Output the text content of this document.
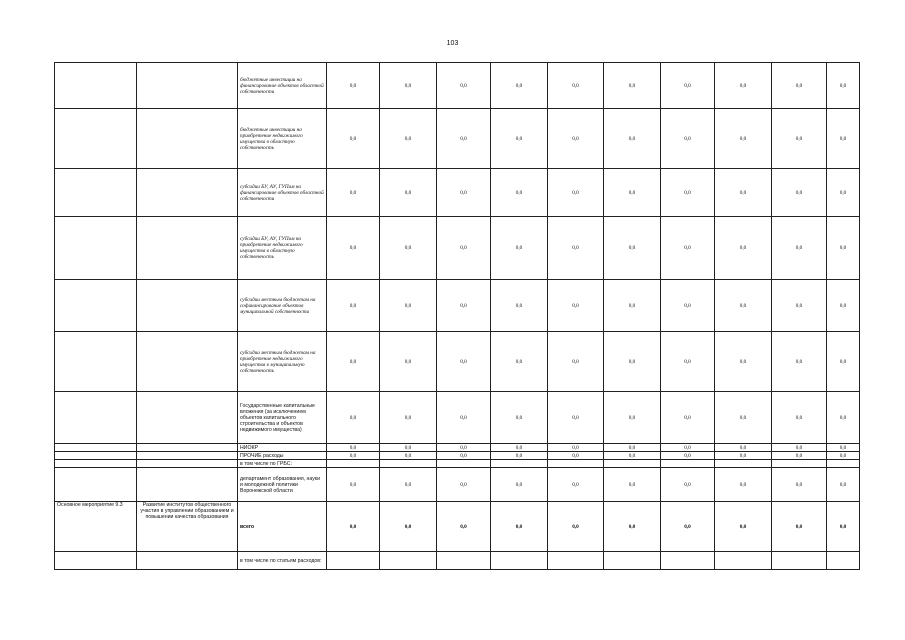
103
		бюджетные инвестиции на финансирование объектов областной собственности	0,0	0,0	0,0	0,0	0,0	0,0	0,0	0,0	0,0	0,0	
		бюджетные инвестиции на приобретение недвижимого имущества в областную собственность	0,0	0,0	0,0	0,0	0,0	0,0	0,0	0,0	0,0	0,0	
		субсидии БУ, АУ, ГУПам на финансирование объектов областной собственности	0,0	0,0	0,0	0,0	0,0	0,0	0,0	0,0	0,0	0,0	
		субсидии БУ, АУ, ГУПам на приобретение недвижимого имущества в областную собственность	0,0	0,0	0,0	0,0	0,0	0,0	0,0	0,0	0,0	0,0	
		субсидии местным бюджетам на софинансирование объектов муниципальной собственности	0,0	0,0	0,0	0,0	0,0	0,0	0,0	0,0	0,0	0,0	
		субсидии местным бюджетам на приобретение недвижимого имущества в муниципальную собственность	0,0	0,0	0,0	0,0	0,0	0,0	0,0	0,0	0,0	0,0	
		Государственные капитальные вложения (за исключением объектов капитального строительства и объектов недвижимого имущества)	0,0	0,0	0,0	0,0	0,0	0,0	0,0	0,0	0,0	0,0	
		НИОКР	0,0	0,0	0,0	0,0	0,0	0,0	0,0	0,0	0,0	0,0	
		ПРОЧИЕ расходы	0,0	0,0	0,0	0,0	0,0	0,0	0,0	0,0	0,0	0,0	
		в том числе по ГРБС:											
		департамент образования, науки и молодежной политики Воронежской области	0,0	0,0	0,0	0,0	0,0	0,0	0,0	0,0	0,0	0,0	
Основное мероприятие 9.3	Развитие институтов общественного участия в управлении образованием и повышении качества образования	всего	0,0	0,0	0,0	0,0	0,0	0,0	0,0	0,0	0,0	0,0	
		в том числе по статьям расходов:											
